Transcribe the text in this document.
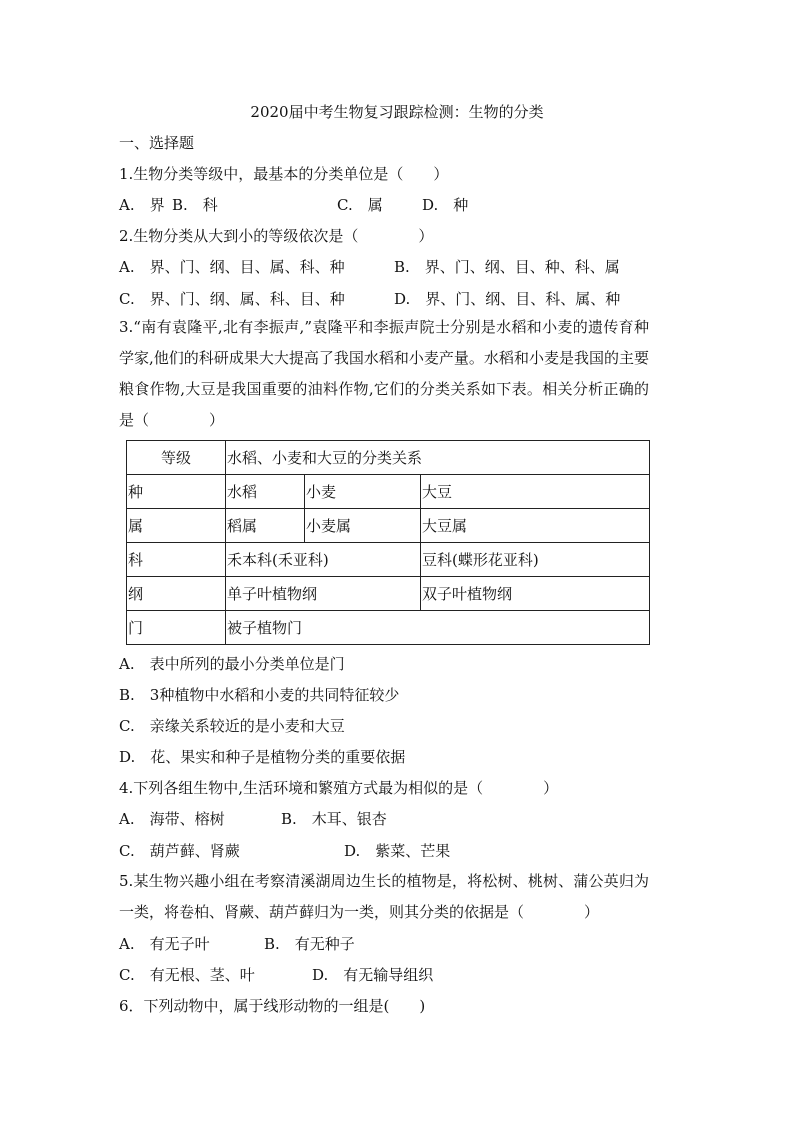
2020届中考生物复习跟踪检测：生物的分类
一、选择题
1.生物分类等级中，最基本的分类单位是（　　）
A.　界 B.　科	C.　属	D.　种
2.生物分类从大到小的等级依次是（　　　　）
A.　界、门、纲、目、属、科、种	B.　界、门、纲、目、种、科、属
C.　界、门、纲、属、科、目、种	D.　界、门、纲、目、科、属、种
3.“南有袁隆平,北有李振声,”袁隆平和李振声院士分别是水稻和小麦的遗传育种学家,他们的科研成果大大提高了我国水稻和小麦产量。水稻和小麦是我国的主要粮食作物,大豆是我国重要的油料作物,它们的分类关系如下表。相关分析正确的是（　　　　）
等级	水稻、小麦和大豆的分类关系		
种	水稻	小麦	大豆
属	稻属	小麦属	大豆属
科	禾本科(禾亚科)		豆科(蝶形花亚科)
纲	单子叶植物纲		双子叶植物纲
门	被子植物门		
A.　表中所列的最小分类单位是门
B.　3种植物中水稻和小麦的共同特征较少
C.　亲缘关系较近的是小麦和大豆
D.　花、果实和种子是植物分类的重要依据
4.下列各组生物中,生活环境和繁殖方式最为相似的是（　　　　）
A.　海带、榕树	B.　木耳、银杏
C.　葫芦藓、肾蕨	D.　紫菜、芒果
5.某生物兴趣小组在考察清溪湖周边生长的植物是，将松树、桃树、蒲公英归为一类，将卷柏、肾蕨、葫芦藓归为一类，则其分类的依据是（　　　　）
A.　有无子叶	B.　有无种子
C.　有无根、茎、叶	D.　有无输导组织
6．下列动物中，属于线形动物的一组是(　　)
